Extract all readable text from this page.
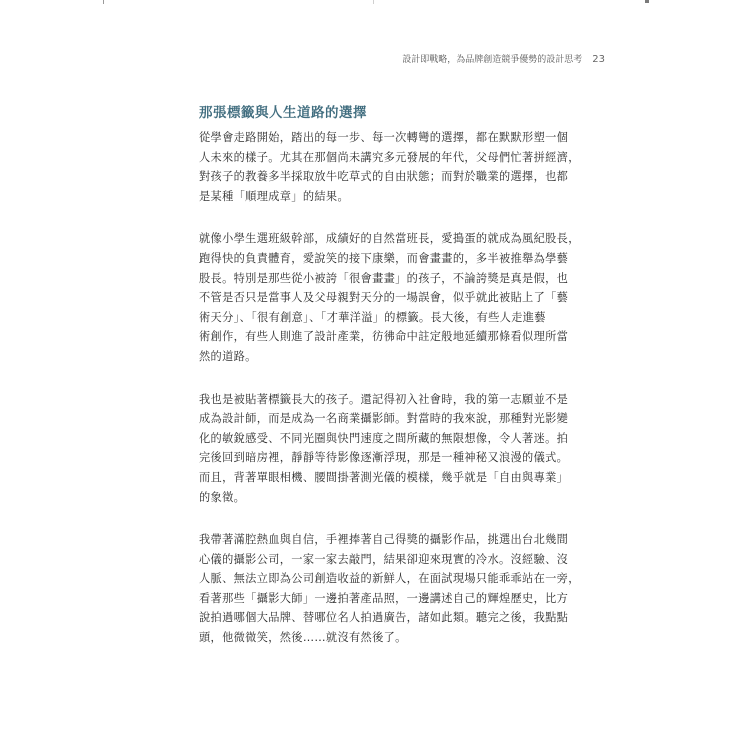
設計即戰略，為品牌創造競爭優勢的設計思考 23
那張標籤與人生道路的選擇
從學會走路開始，踏出的每一步、每一次轉彎的選擇，都在默默形塑一個
人未來的樣子。尤其在那個尚未講究多元發展的年代，父母們忙著拼經濟，
對孩子的教養多半採取放牛吃草式的自由狀態；而對於職業的選擇，也都
是某種「順理成章」的結果。
就像小學生選班級幹部，成績好的自然當班長，愛搗蛋的就成為風紀股長，
跑得快的負責體育，愛說笑的接下康樂，而會畫畫的，多半被推舉為學藝
股長。特別是那些從小被誇「很會畫畫」的孩子，不論誇獎是真是假，也
不管是否只是當事人及父母親對天分的一場誤會，似乎就此被貼上了「藝
術天分」、「很有創意」、「才華洋溢」的標籤。長大後，有些人走進藝
術創作，有些人則進了設計產業，彷彿命中註定般地延續那條看似理所當
然的道路。
我也是被貼著標籤長大的孩子。還記得初入社會時，我的第一志願並不是
成為設計師，而是成為一名商業攝影師。對當時的我來說，那種對光影變
化的敏銳感受、不同光圈與快門速度之間所藏的無限想像，令人著迷。拍
完後回到暗房裡，靜靜等待影像逐漸浮現，那是一種神秘又浪漫的儀式。
而且，背著單眼相機、腰間掛著測光儀的模樣，幾乎就是「自由與專業」
的象徵。
我帶著滿腔熱血與自信，手裡捧著自己得獎的攝影作品，挑選出台北幾間
心儀的攝影公司，一家一家去敲門，結果卻迎來現實的冷水。沒經驗、沒
人脈、無法立即為公司創造收益的新鮮人，在面試現場只能乖乖站在一旁，
看著那些「攝影大師」一邊拍著產品照，一邊講述自己的輝煌歷史，比方
說拍過哪個大品牌、替哪位名人拍過廣告，諸如此類。聽完之後，我點點
頭，他微微笑，然後……就沒有然後了。
